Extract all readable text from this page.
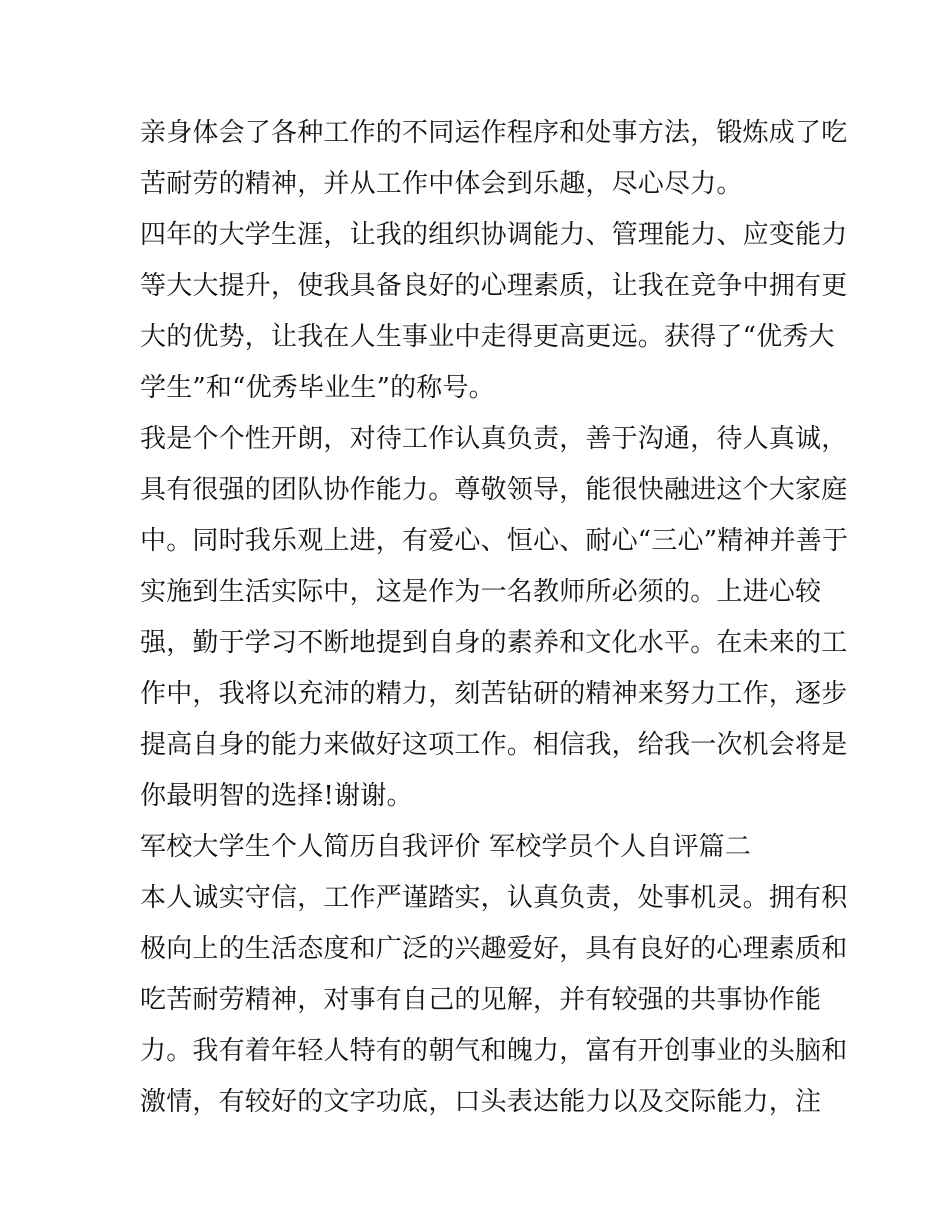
亲身体会了各种工作的不同运作程序和处事方法，锻炼成了吃
苦耐劳的精神，并从工作中体会到乐趣，尽心尽力。
四年的大学生涯，让我的组织协调能力、管理能力、应变能力
等大大提升，使我具备良好的心理素质，让我在竞争中拥有更
大的优势，让我在人生事业中走得更高更远。获得了“优秀大
学生”和“优秀毕业生”的称号。
我是个个性开朗，对待工作认真负责，善于沟通，待人真诚，
具有很强的团队协作能力。尊敬领导，能很快融进这个大家庭
中。同时我乐观上进，有爱心、恒心、耐心“三心”精神并善于
实施到生活实际中，这是作为一名教师所必须的。上进心较
强，勤于学习不断地提到自身的素养和文化水平。在未来的工
作中，我将以充沛的精力，刻苦钻研的精神来努力工作，逐步
提高自身的能力来做好这项工作。相信我，给我一次机会将是
你最明智的选择!谢谢。
军校大学生个人简历自我评价 军校学员个人自评篇二
本人诚实守信，工作严谨踏实，认真负责，处事机灵。拥有积
极向上的生活态度和广泛的兴趣爱好，具有良好的心理素质和
吃苦耐劳精神，对事有自己的见解，并有较强的共事协作能
力。我有着年轻人特有的朝气和魄力，富有开创事业的头脑和
激情，有较好的文字功底，口头表达能力以及交际能力，注
